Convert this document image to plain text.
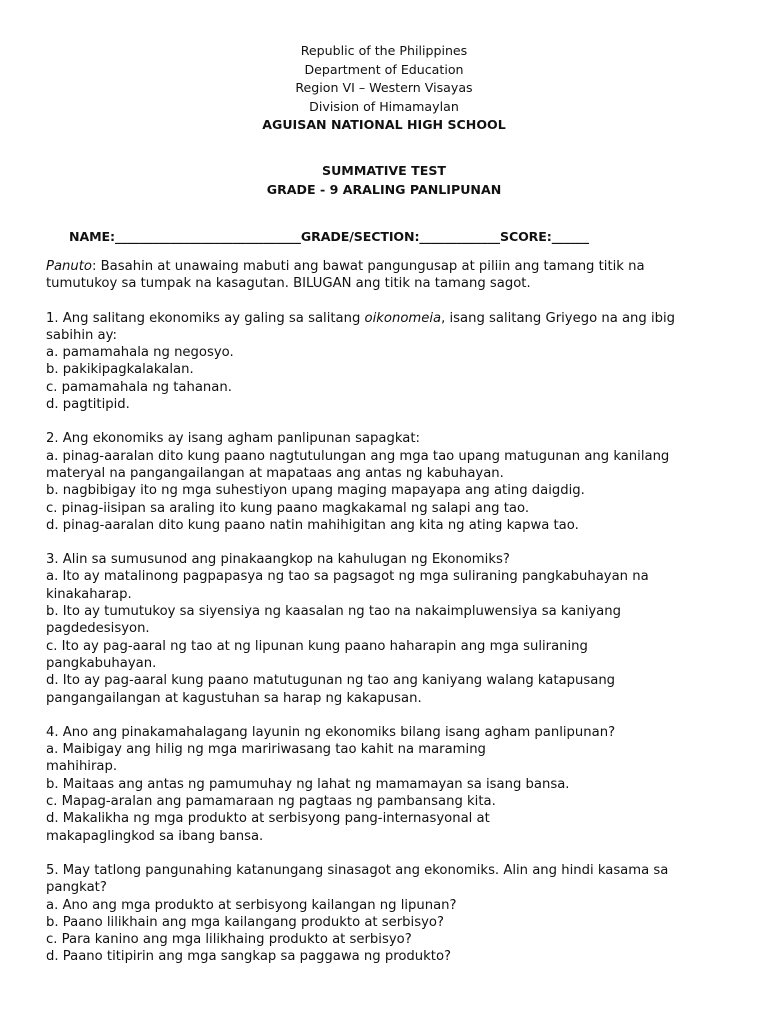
Republic of the Philippines
Department of Education
Region VI – Western Visayas
Division of Himamaylan
AGUISAN NATIONAL HIGH SCHOOL
SUMMATIVE TEST
GRADE - 9 ARALING PANLIPUNAN
NAME:______________________________GRADE/SECTION:_____________SCORE:______
Panuto: Basahin at unawaing mabuti ang bawat pangungusap at piliin ang tamang titik na
tumutukoy sa tumpak na kasagutan. BILUGAN ang titik na tamang sagot.
1. Ang salitang ekonomiks ay galing sa salitang oikonomeia, isang salitang Griyego na ang ibig
sabihin ay:
a. pamamahala ng negosyo.
b. pakikipagkalakalan.
c. pamamahala ng tahanan.
d. pagtitipid.
2. Ang ekonomiks ay isang agham panlipunan sapagkat:
a. pinag-aaralan dito kung paano nagtutulungan ang mga tao upang matugunan ang kanilang
materyal na pangangailangan at mapataas ang antas ng kabuhayan.
b. nagbibigay ito ng mga suhestiyon upang maging mapayapa ang ating daigdig.
c. pinag-iisipan sa araling ito kung paano magkakamal ng salapi ang tao.
d. pinag-aaralan dito kung paano natin mahihigitan ang kita ng ating kapwa tao.
3. Alin sa sumusunod ang pinakaangkop na kahulugan ng Ekonomiks?
a. Ito ay matalinong pagpapasya ng tao sa pagsagot ng mga suliraning pangkabuhayan na
kinakaharap.
b. Ito ay tumutukoy sa siyensiya ng kaasalan ng tao na nakaimpluwensiya sa kaniyang
pagdedesisyon.
c. Ito ay pag-aaral ng tao at ng lipunan kung paano haharapin ang mga suliraning
pangkabuhayan.
d. Ito ay pag-aaral kung paano matutugunan ng tao ang kaniyang walang katapusang
pangangailangan at kagustuhan sa harap ng kakapusan.
4. Ano ang pinakamahalagang layunin ng ekonomiks bilang isang agham panlipunan?
a. Maibigay ang hilig ng mga maririwasang tao kahit na maraming
mahihirap.
b. Maitaas ang antas ng pamumuhay ng lahat ng mamamayan sa isang bansa.
c. Mapag-aralan ang pamamaraan ng pagtaas ng pambansang kita.
d. Makalikha ng mga produkto at serbisyong pang-internasyonal at
makapaglingkod sa ibang bansa.
5. May tatlong pangunahing katanungang sinasagot ang ekonomiks. Alin ang hindi kasama sa
pangkat?
a. Ano ang mga produkto at serbisyong kailangan ng lipunan?
b. Paano lilikhain ang mga kailangang produkto at serbisyo?
c. Para kanino ang mga lilikhaing produkto at serbisyo?
d. Paano titipirin ang mga sangkap sa paggawa ng produkto?
